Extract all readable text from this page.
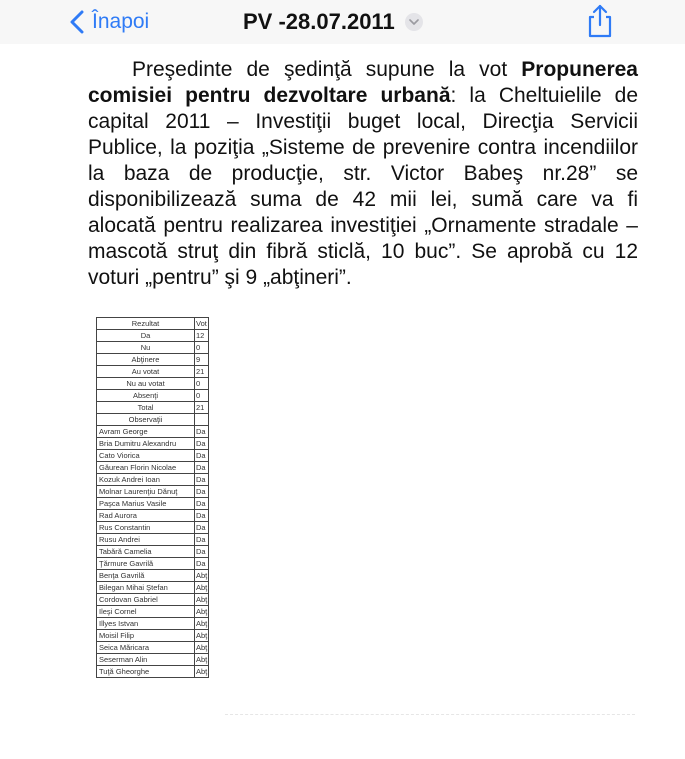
Înapoi	PV -28.07.2011

Preşedinte de şedinţă supune la vot Propunerea comisiei pentru dezvoltare urbană: la Cheltuielile de capital 2011 – Investiţii buget local, Direcţia Servicii Publice, la poziţia „Sisteme de prevenire contra incendiilor la baza de producţie, str. Victor Babeş nr.28” se disponibilizează suma de 42 mii lei, sumă care va fi alocată pentru realizarea investiţiei „Ornamente stradale – mascotă struţ din fibră sticlă, 10 buc”. Se aprobă cu 12 voturi „pentru” şi 9 „abţineri”.

Rezultat	Vot
Da	12
Nu	0
Abţinere	9
Au votat	21
Nu au votat	0
Absenţi	0
Total	21
Observaţii	
Avram George	Da
Bria Dumitru Alexandru	Da
Cato Viorica	Da
Găurean Florin Nicolae	Da
Kozuk Andrei Ioan	Da
Molnar Laurenţiu Dănuţ	Da
Paşca Marius Vasile	Da
Rad Aurora	Da
Rus Constantin	Da
Rusu Andrei	Da
Tabără Camelia	Da
Ţărmure Gavrilă	Da
Benţa Gavrilă	Abţ
Bilegan Mihai Ştefan	Abţ
Cordovan Gabriel	Abţ
Ileşi Cornel	Abţ
Illyes Istvan	Abţ
Moisil Filip	Abţ
Seica Măricara	Abţ
Seserman Alin	Abţ
Tuţă Gheorghe	Abţ
